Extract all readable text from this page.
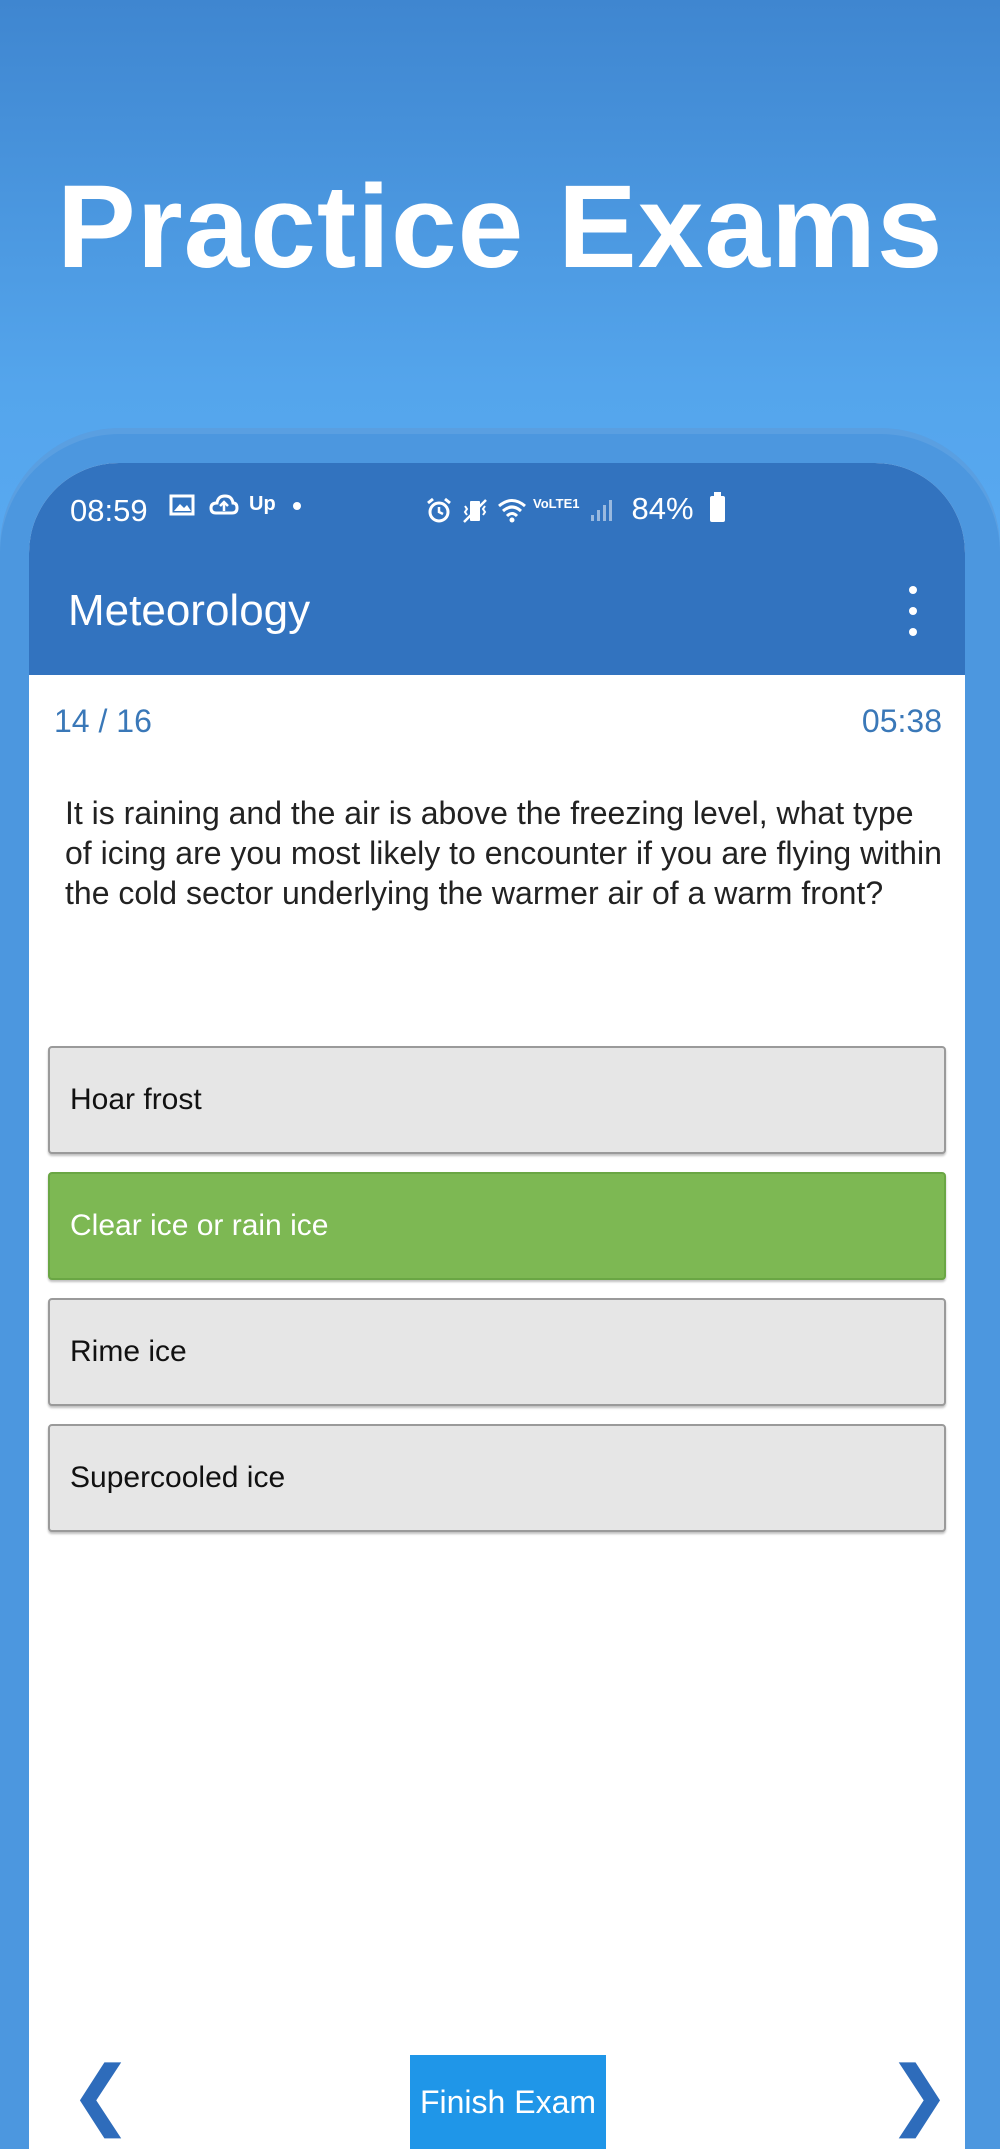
Practice Exams
08:59	Up	VoLTE1 84%
Meteorology
14 / 16	05:38

It is raining and the air is above the freezing level, what type of icing are you most likely to encounter if you are flying within the cold sector underlying the warmer air of a warm front?

Hoar frost
Clear ice or rain ice
Rime ice
Supercooled ice
❮	Finish Exam	❯
